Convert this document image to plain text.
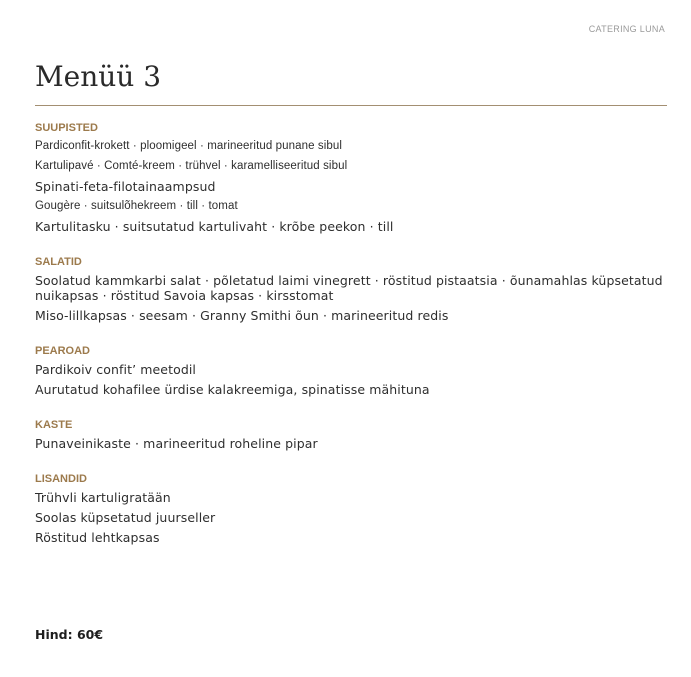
CATERING LUNA
Menüü 3
SUUPISTED
Pardiconfit-krokett · ploomigeel · marineeritud punane sibul
Kartulipavé · Comté-kreem · trühvel · karamelliseeritud sibul
Spinati-feta-filotainaampsud
Gougère · suitsulõhekreem · till · tomat
Kartulitasku · suitsutatud kartulivaht · krõbe peekon · till
SALATID
Soolatud kammkarbi salat · põletatud laimi vinegrett · röstitud pistaatsia · õunamahlas küpsetatud nuikapsas · röstitud Savoia kapsas · kirsstomat
Miso-lillkapsas · seesam · Granny Smithi õun · marineeritud redis
PEAROAD
Pardikoiv confit’ meetodil
Aurutatud kohafilee ürdise kalakreemiga, spinatisse mähituna
KASTE
Punaveinikaste · marineeritud roheline pipar
LISANDID
Trühvli kartuligratään
Soolas küpsetatud juurseller
Röstitud lehtkapsas
Hind: 60€
